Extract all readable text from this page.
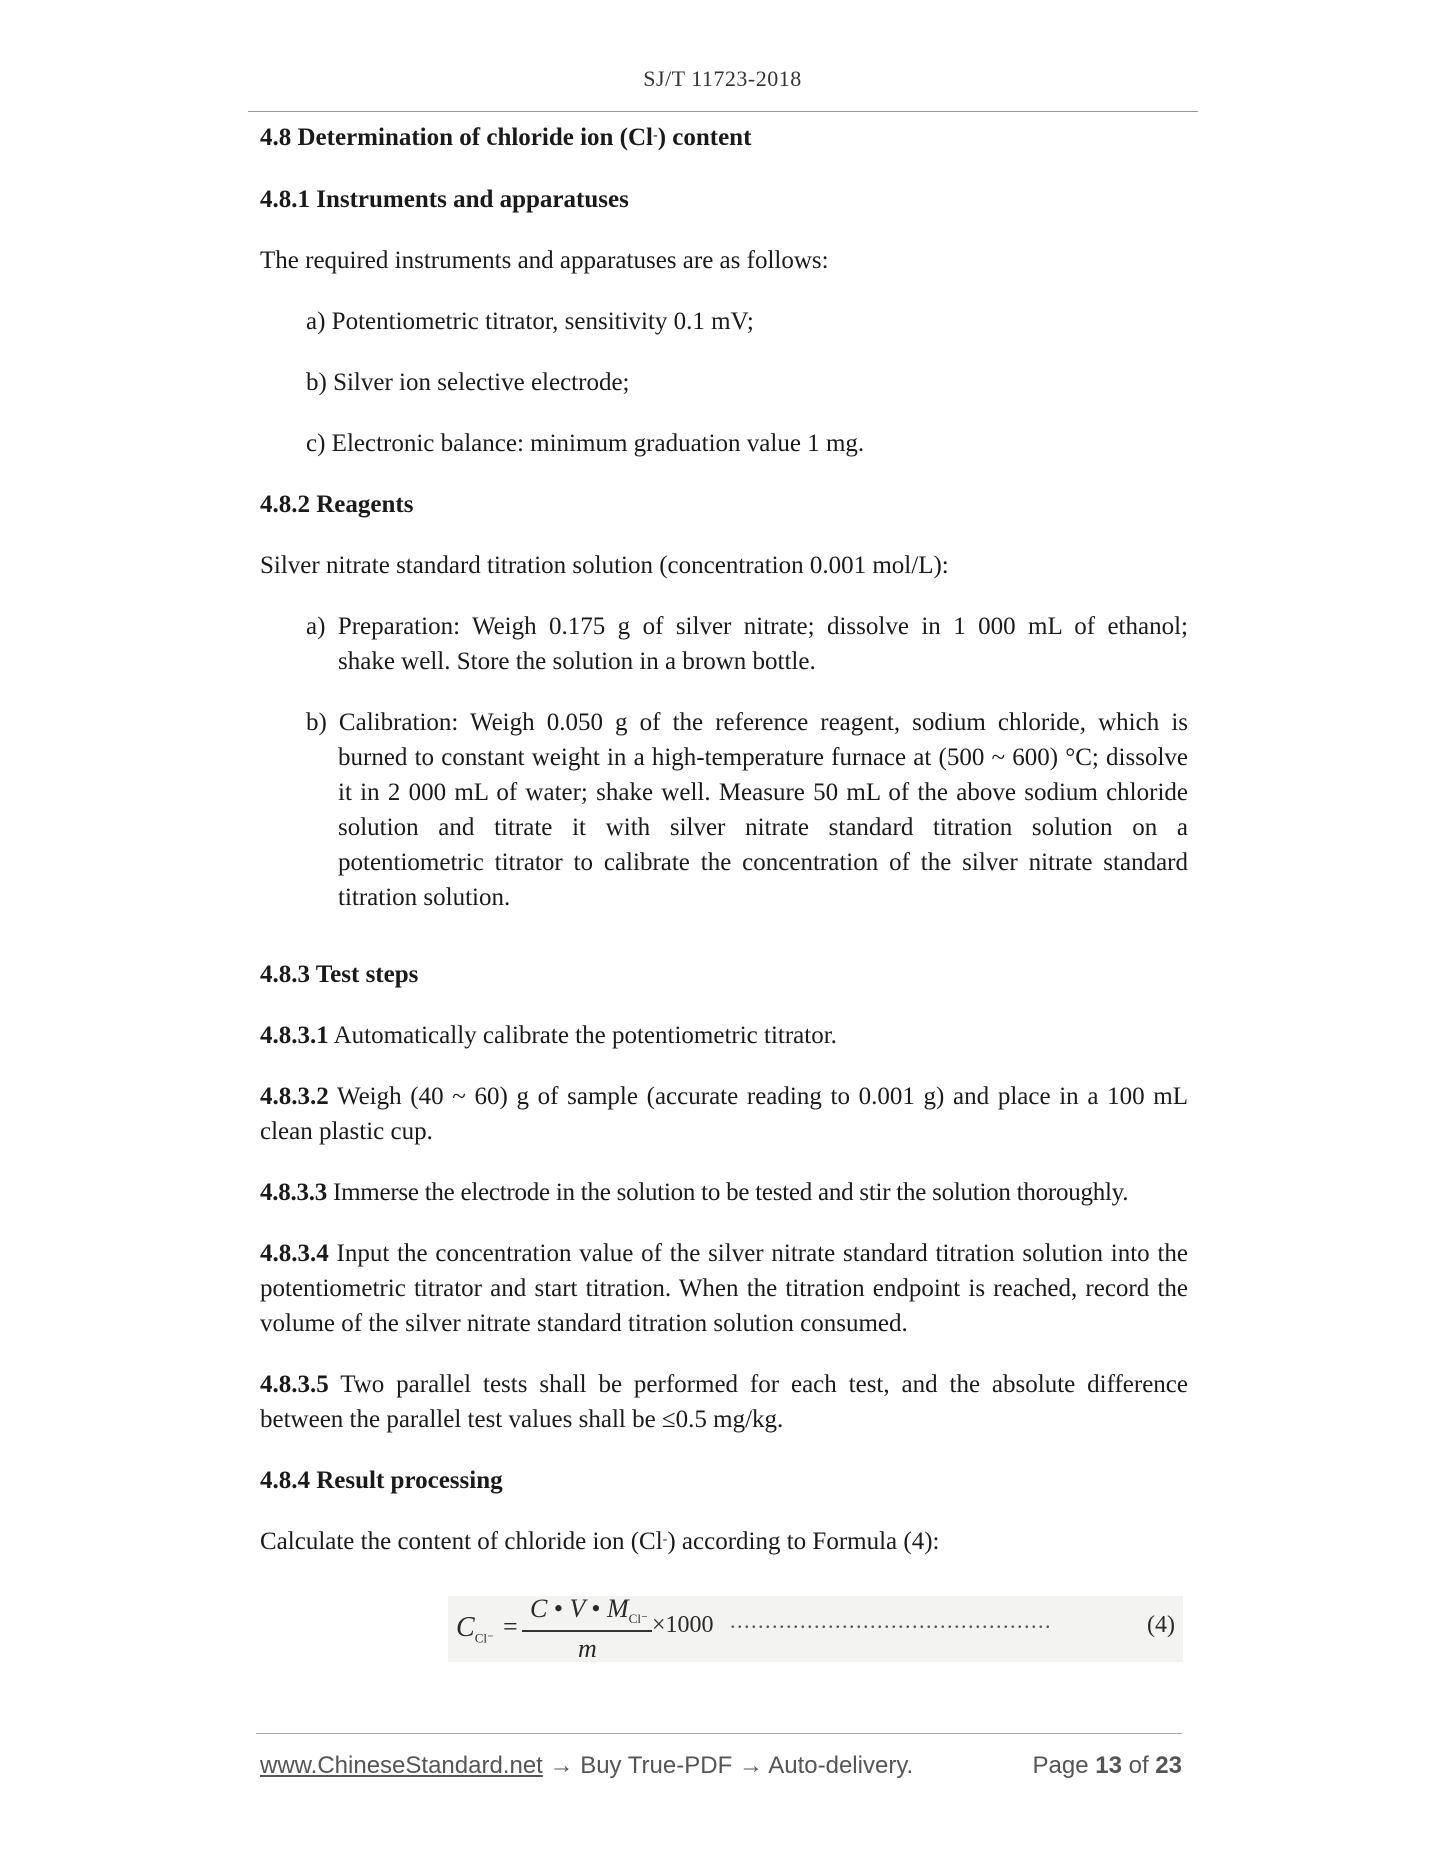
SJ/T 11723-2018
4.8 Determination of chloride ion (Cl-) content
4.8.1 Instruments and apparatuses
The required instruments and apparatuses are as follows:
a) Potentiometric titrator, sensitivity 0.1 mV;
b) Silver ion selective electrode;
c) Electronic balance: minimum graduation value 1 mg.
4.8.2 Reagents
Silver nitrate standard titration solution (concentration 0.001 mol/L):
a) Preparation: Weigh 0.175 g of silver nitrate; dissolve in 1 000 mL of ethanol;
shake well. Store the solution in a brown bottle.
b) Calibration: Weigh 0.050 g of the reference reagent, sodium chloride, which is
burned to constant weight in a high-temperature furnace at (500 ~ 600) °C; dissolve it in 2 000 mL of water; shake well. Measure 50 mL of the above sodium chloride solution and titrate it with silver nitrate standard titration solution on a potentiometric titrator to calibrate the concentration of the silver nitrate standard titration solution.
4.8.3 Test steps
4.8.3.1 Automatically calibrate the potentiometric titrator.
4.8.3.2 Weigh (40 ~ 60) g of sample (accurate reading to 0.001 g) and place in a 100 mL clean plastic cup.
4.8.3.3 Immerse the electrode in the solution to be tested and stir the solution thoroughly.
4.8.3.4 Input the concentration value of the silver nitrate standard titration solution into the potentiometric titrator and start titration. When the titration endpoint is reached, record the volume of the silver nitrate standard titration solution consumed.
4.8.3.5 Two parallel tests shall be performed for each test, and the absolute difference between the parallel test values shall be ≤0.5 mg/kg.
4.8.4 Result processing
Calculate the content of chloride ion (Cl-) according to Formula (4):
$C_{Cl^-}$ =
C • V • $M_{Cl^-}$
m
×1000 ..............................................	(4)
www.ChineseStandard.net → Buy True-PDF → Auto-delivery.	Page 13 of 23
